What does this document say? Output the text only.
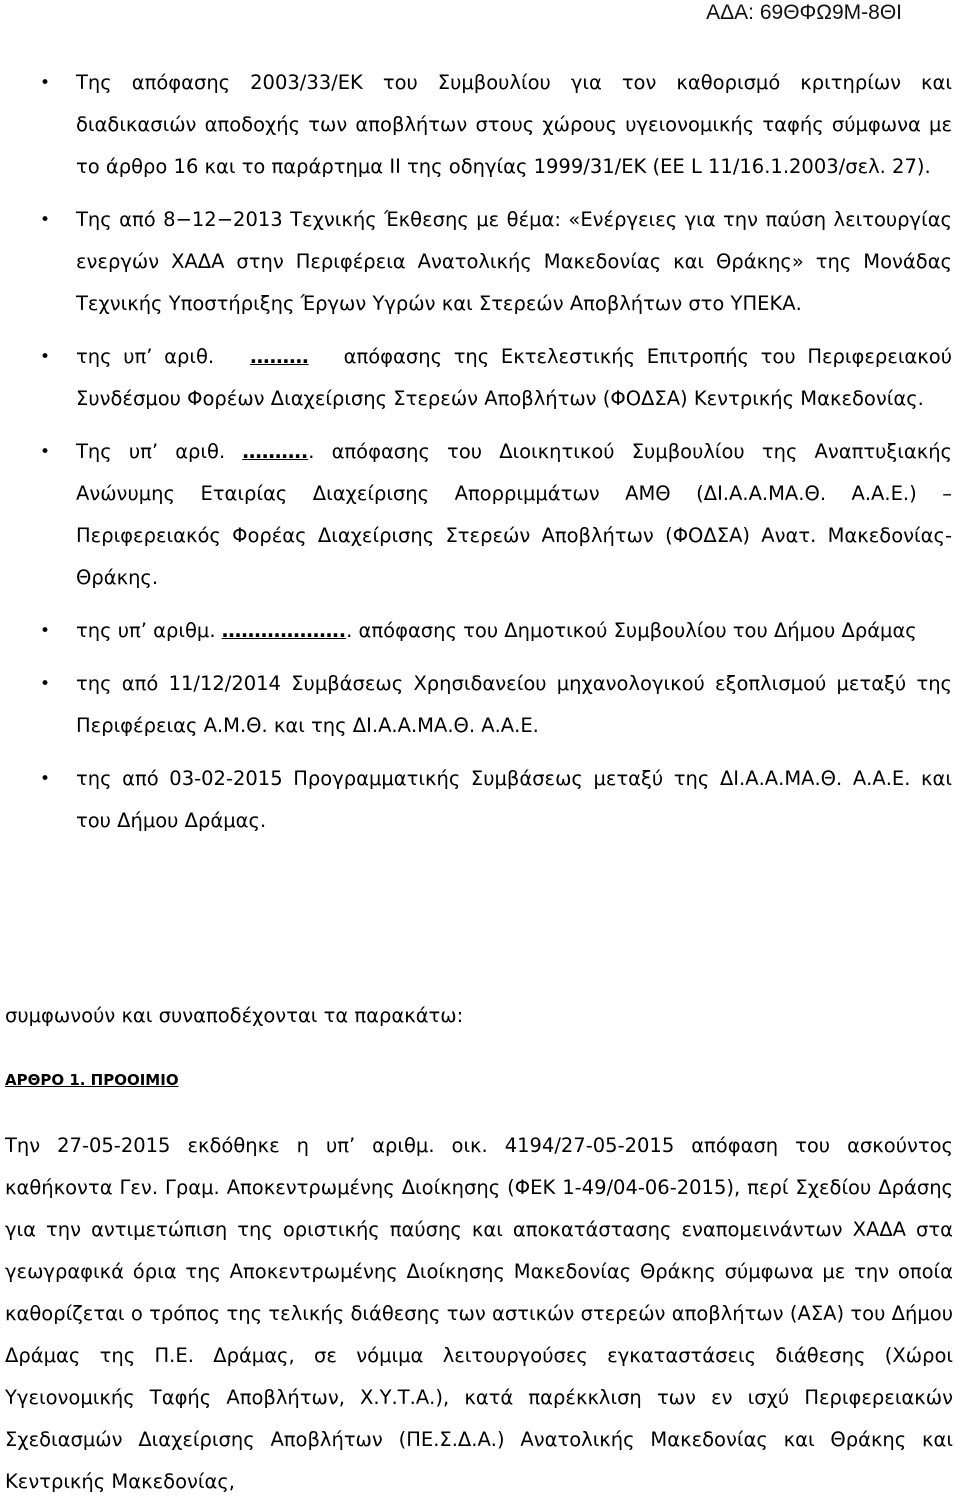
ΑΔΑ: 69ΘΦΩ9Μ-8ΘΙ
• Της απόφασης 2003/33/ΕΚ του Συμβουλίου για τον καθορισμό κριτηρίων και διαδικασιών αποδοχής των αποβλήτων στους χώρους υγειονομικής ταφής σύμφωνα με το άρθρο 16 και το παράρτημα ΙΙ της οδηγίας 1999/31/ΕΚ (ΕΕ L 11/16.1.2003/σελ. 27).
• Της από 8−12−2013 Τεχνικής Έκθεσης με θέμα: «Ενέργειες για την παύση λειτουργίας ενεργών ΧΑΔΑ στην Περιφέρεια Ανατολικής Μακεδονίας και Θράκης» της Μονάδας Τεχνικής Υποστήριξης Έργων Υγρών και Στερεών Αποβλήτων στο ΥΠΕΚΑ.
• της υπ’ αριθ. ……… απόφασης της Εκτελεστικής Επιτροπής του Περιφερειακού Συνδέσμου Φορέων Διαχείρισης Στερεών Αποβλήτων (ΦΟΔΣΑ) Κεντρικής Μακεδονίας.
• Της υπ’ αριθ. ……….. απόφασης του Διοικητικού Συμβουλίου της Αναπτυξιακής Ανώνυμης Εταιρίας Διαχείρισης Απορριμμάτων ΑΜΘ (ΔΙ.Α.Α.ΜΑ.Θ. Α.Α.Ε.) – Περιφερειακός Φορέας Διαχείρισης Στερεών Αποβλήτων (ΦΟΔΣΑ) Ανατ. Μακεδονίας-Θράκης.
• της υπ’ αριθμ. ……………….. απόφασης του Δημοτικού Συμβουλίου του Δήμου Δράμας
• της από 11/12/2014 Συμβάσεως Χρησιδανείου μηχανολογικού εξοπλισμού μεταξύ της Περιφέρειας Α.Μ.Θ. και της ΔΙ.Α.Α.ΜΑ.Θ. Α.Α.Ε.
• της από 03-02-2015 Προγραμματικής Συμβάσεως μεταξύ της ΔΙ.Α.Α.ΜΑ.Θ. Α.Α.Ε. και του Δήμου Δράμας.

συμφωνούν και συναποδέχονται τα παρακάτω:

ΑΡΘΡΟ 1. ΠΡΟΟΙΜΙΟ

Την 27-05-2015 εκδόθηκε η υπ’ αριθμ. οικ. 4194/27-05-2015 απόφαση του ασκούντος καθήκοντα Γεν. Γραμ. Αποκεντρωμένης Διοίκησης (ΦΕΚ 1-49/04-06-2015), περί Σχεδίου Δράσης για την αντιμετώπιση της οριστικής παύσης και αποκατάστασης εναπομεινάντων ΧΑΔΑ στα γεωγραφικά όρια της Αποκεντρωμένης Διοίκησης Μακεδονίας Θράκης σύμφωνα με την οποία καθορίζεται ο τρόπος της τελικής διάθεσης των αστικών στερεών αποβλήτων (ΑΣΑ) του Δήμου Δράμας της Π.Ε. Δράμας, σε νόμιμα λειτουργούσες εγκαταστάσεις διάθεσης (Χώροι Υγειονομικής Ταφής Αποβλήτων, Χ.Υ.Τ.Α.), κατά παρέκκλιση των εν ισχύ Περιφερειακών Σχεδιασμών Διαχείρισης Αποβλήτων (ΠΕ.Σ.Δ.Α.) Ανατολικής Μακεδονίας και Θράκης και Κεντρικής Μακεδονίας,
